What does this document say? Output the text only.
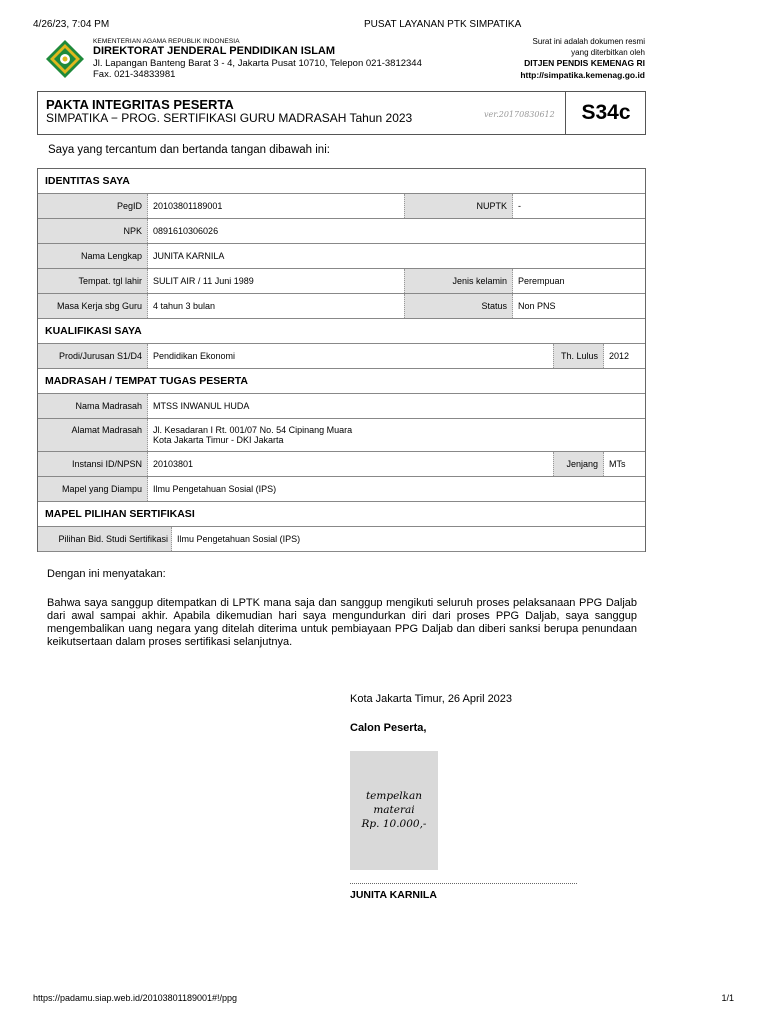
4/26/23, 7:04 PM	PUSAT LAYANAN PTK SIMPATIKA
KEMENTERIAN AGAMA REPUBLIK INDONESIA
DIREKTORAT JENDERAL PENDIDIKAN ISLAM
Jl. Lapangan Banteng Barat 3 - 4, Jakarta Pusat 10710, Telepon 021-3812344
Fax. 021-34833981
Surat ini adalah dokumen resmi
yang diterbitkan oleh
DITJEN PENDIS KEMENAG RI
http://simpatika.kemenag.go.id
PAKTA INTEGRITAS PESERTA
SIMPATIKA − PROG. SERTIFIKASI GURU MADRASAH Tahun 2023	ver.20170830612	S34c
Saya yang tercantum dan bertanda tangan dibawah ini:
IDENTITAS SAYA
PegID	20103801189001	NUPTK	-
NPK	0891610306026
Nama Lengkap	JUNITA KARNILA
Tempat. tgl lahir	SULIT AIR / 11 Juni 1989	Jenis kelamin	Perempuan
Masa Kerja sbg Guru	4 tahun 3 bulan	Status	Non PNS
KUALIFIKASI SAYA
Prodi/Jurusan S1/D4	Pendidikan Ekonomi	Th. Lulus	2012
MADRASAH / TEMPAT TUGAS PESERTA
Nama Madrasah	MTSS INWANUL HUDA
Alamat Madrasah	Jl. Kesadaran I Rt. 001/07 No. 54 Cipinang Muara
Kota Jakarta Timur - DKI Jakarta
Instansi ID/NPSN	20103801	Jenjang	MTs
Mapel yang Diampu	Ilmu Pengetahuan Sosial (IPS)
MAPEL PILIHAN SERTIFIKASI
Pilihan Bid. Studi Sertifikasi	Ilmu Pengetahuan Sosial (IPS)
Dengan ini menyatakan:
Bahwa saya sanggup ditempatkan di LPTK mana saja dan sanggup mengikuti seluruh proses pelaksanaan PPG Daljab dari awal sampai akhir. Apabila dikemudian hari saya mengundurkan diri dari proses PPG Daljab, saya sanggup mengembalikan uang negara yang ditelah diterima untuk pembiayaan PPG Daljab dan diberi sanksi berupa penundaan keikutsertaan dalam proses sertifikasi selanjutnya.
Kota Jakarta Timur, 26 April 2023
Calon Peserta,
tempelkan
materai
Rp. 10.000,-
JUNITA KARNILA
https://padamu.siap.web.id/20103801189001#!/ppg	1/1
